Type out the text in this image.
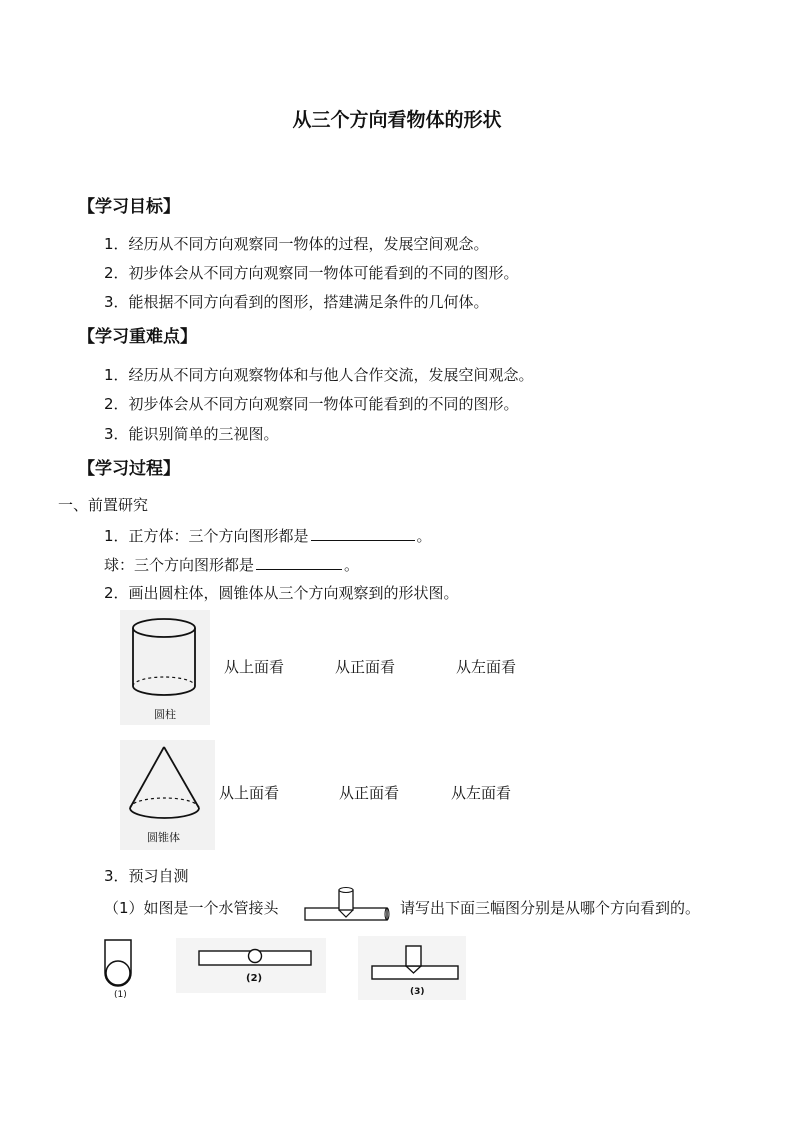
从三个方向看物体的形状
【学习目标】
1．经历从不同方向观察同一物体的过程，发展空间观念。
2．初步体会从不同方向观察同一物体可能看到的不同的图形。
3．能根据不同方向看到的图形，搭建满足条件的几何体。
【学习重难点】
1．经历从不同方向观察物体和与他人合作交流，发展空间观念。
2．初步体会从不同方向观察同一物体可能看到的不同的图形。
3．能识别简单的三视图。
【学习过程】
一、前置研究
1．正方体：三个方向图形都是	。
球：三个方向图形都是	。
2．画出圆柱体，圆锥体从三个方向观察到的形状图。
圆柱
从上面看	从正面看	从左面看
圆锥体
从上面看	从正面看	从左面看
3．预习自测
（1）如图是一个水管接头	请写出下面三幅图分别是从哪个方向看到的。
(1)
(2)
(3)
